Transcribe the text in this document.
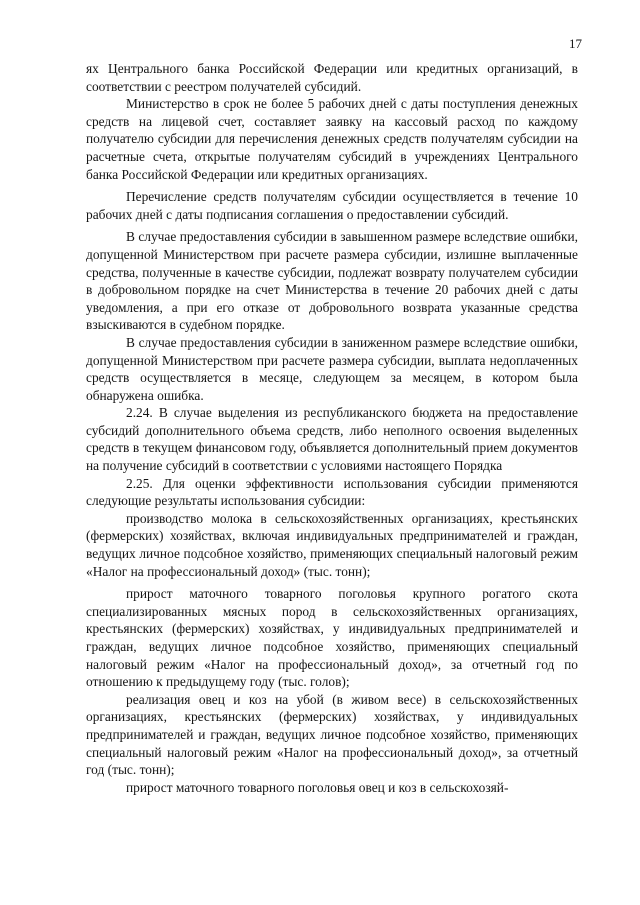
17

ях Центрального банка Российской Федерации или кредитных организаций, в соответствии с реестром получателей субсидий.

Министерство в срок не более 5 рабочих дней с даты поступления денежных средств на лицевой счет, составляет заявку на кассовый расход по каждому получателю субсидии для перечисления денежных средств получателям субсидии на расчетные счета, открытые получателям субсидий в учреждениях Центрального банка Российской Федерации или кредитных организациях.

Перечисление средств получателям субсидии осуществляется в течение 10 рабочих дней с даты подписания соглашения о предоставлении субсидий.

В случае предоставления субсидии в завышенном размере вследствие ошибки, допущенной Министерством при расчете размера субсидии, излишне выплаченные средства, полученные в качестве субсидии, подлежат возврату получателем субсидии в добровольном порядке на счет Министерства в течение 20 рабочих дней с даты уведомления, а при его отказе от добровольного возврата указанные средства взыскиваются в судебном порядке.

В случае предоставления субсидии в заниженном размере вследствие ошибки, допущенной Министерством при расчете размера субсидии, выплата недоплаченных средств осуществляется в месяце, следующем за месяцем, в котором была обнаружена ошибка.

2.24. В случае выделения из республиканского бюджета на предоставление субсидий дополнительного объема средств, либо неполного освоения выделенных средств в текущем финансовом году, объявляется дополнительный прием документов на получение субсидий в соответствии с условиями настоящего Порядка

2.25. Для оценки эффективности использования субсидии применяются следующие результаты использования субсидии:

производство молока в сельскохозяйственных организациях, крестьянских (фермерских) хозяйствах, включая индивидуальных предпринимателей и граждан, ведущих личное подсобное хозяйство, применяющих специальный налоговый режим «Налог на профессиональный доход» (тыс. тонн);

прирост маточного товарного поголовья крупного рогатого скота специализированных мясных пород в сельскохозяйственных организациях, крестьянских (фермерских) хозяйствах, у индивидуальных предпринимателей и граждан, ведущих личное подсобное хозяйство, применяющих специальный налоговый режим «Налог на профессиональный доход», за отчетный год по отношению к предыдущему году (тыс. голов);

реализация овец и коз на убой (в живом весе) в сельскохозяйственных организациях, крестьянских (фермерских) хозяйствах, у индивидуальных предпринимателей и граждан, ведущих личное подсобное хозяйство, применяющих специальный налоговый режим «Налог на профессиональный доход», за отчетный год (тыс. тонн);

прирост маточного товарного поголовья овец и коз в сельскохозяй-
